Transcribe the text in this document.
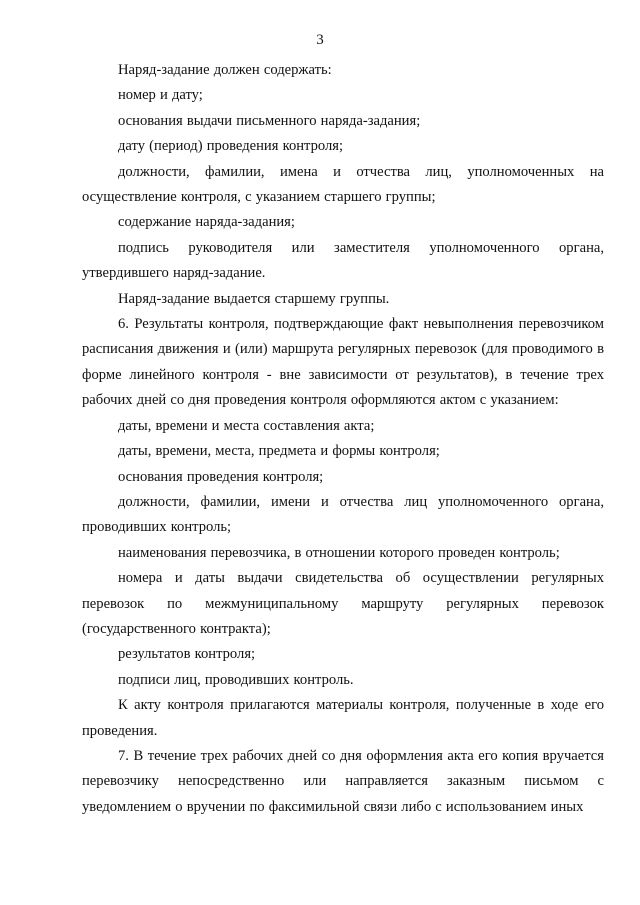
3

Наряд-задание должен содержать:

номер и дату;

основания выдачи письменного наряда-задания;

дату (период) проведения контроля;

должности, фамилии, имена и отчества лиц, уполномоченных на осуществление контроля, с указанием старшего группы;

содержание наряда-задания;

подпись руководителя или заместителя уполномоченного органа, утвердившего наряд-задание.

Наряд-задание выдается старшему группы.

6. Результаты контроля, подтверждающие факт невыполнения перевозчиком расписания движения и (или) маршрута регулярных перевозок (для проводимого в форме линейного контроля - вне зависимости от результатов), в течение трех рабочих дней со дня проведения контроля оформляются актом с указанием:

даты, времени и места составления акта;

даты, времени, места, предмета и формы контроля;

основания проведения контроля;

должности, фамилии, имени и отчества лиц уполномоченного органа, проводивших контроль;

наименования перевозчика, в отношении которого проведен контроль;

номера и даты выдачи свидетельства об осуществлении регулярных перевозок по межмуниципальному маршруту регулярных перевозок (государственного контракта);

результатов контроля;

подписи лиц, проводивших контроль.

К акту контроля прилагаются материалы контроля, полученные в ходе его проведения.

7. В течение трех рабочих дней со дня оформления акта его копия вручается перевозчику непосредственно или направляется заказным письмом с уведомлением о вручении по факсимильной связи либо с использованием иных
